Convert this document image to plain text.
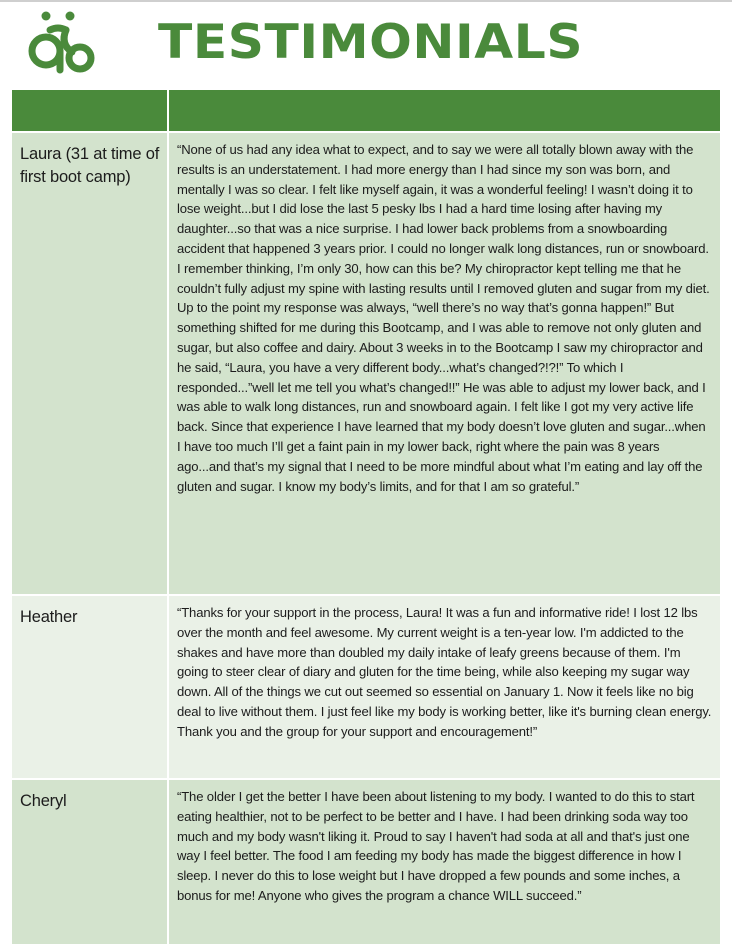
TESTIMONIALS

Laura (31 at time of first boot camp)	“None of us had any idea what to expect, and to say we were all totally blown away with the results is an understatement. I had more energy than I had since my son was born, and mentally I was so clear. I felt like myself again, it was a wonderful feeling! I wasn’t doing it to lose weight...but I did lose the last 5 pesky lbs I had a hard time losing after having my daughter...so that was a nice surprise. I had lower back problems from a snowboarding accident that happened 3 years prior. I could no longer walk long distances, run or snowboard. I remember thinking, I’m only 30, how can this be? My chiropractor kept telling me that he couldn’t fully adjust my spine with lasting results until I removed gluten and sugar from my diet. Up to the point my response was always, “well there’s no way that’s gonna happen!” But something shifted for me during this Bootcamp, and I was able to remove not only gluten and sugar, but also coffee and dairy. About 3 weeks in to the Bootcamp I saw my chiropractor and he said, “Laura, you have a very different body...what’s changed?!?!” To which I responded...”well let me tell you what’s changed!!” He was able to adjust my lower back, and I was able to walk long distances, run and snowboard again. I felt like I got my very active life back. Since that experience I have learned that my body doesn’t love gluten and sugar...when I have too much I’ll get a faint pain in my lower back, right where the pain was 8 years ago...and that’s my signal that I need to be more mindful about what I’m eating and lay off the gluten and sugar. I know my body’s limits, and for that I am so grateful.”
Heather	“Thanks for your support in the process, Laura! It was a fun and informative ride! I lost 12 lbs over the month and feel awesome. My current weight is a ten-year low. I'm addicted to the shakes and have more than doubled my daily intake of leafy greens because of them. I'm going to steer clear of diary and gluten for the time being, while also keeping my sugar way down. All of the things we cut out seemed so essential on January 1. Now it feels like no big deal to live without them. I just feel like my body is working better, like it's burning clean energy. Thank you and the group for your support and encouragement!”
Cheryl	“The older I get the better I have been about listening to my body. I wanted to do this to start eating healthier, not to be perfect to be better and I have. I had been drinking soda way too much and my body wasn't liking it. Proud to say I haven't had soda at all and that's just one way I feel better. The food I am feeding my body has made the biggest difference in how I sleep. I never do this to lose weight but I have dropped a few pounds and some inches, a bonus for me! Anyone who gives the program a chance WILL succeed.”
